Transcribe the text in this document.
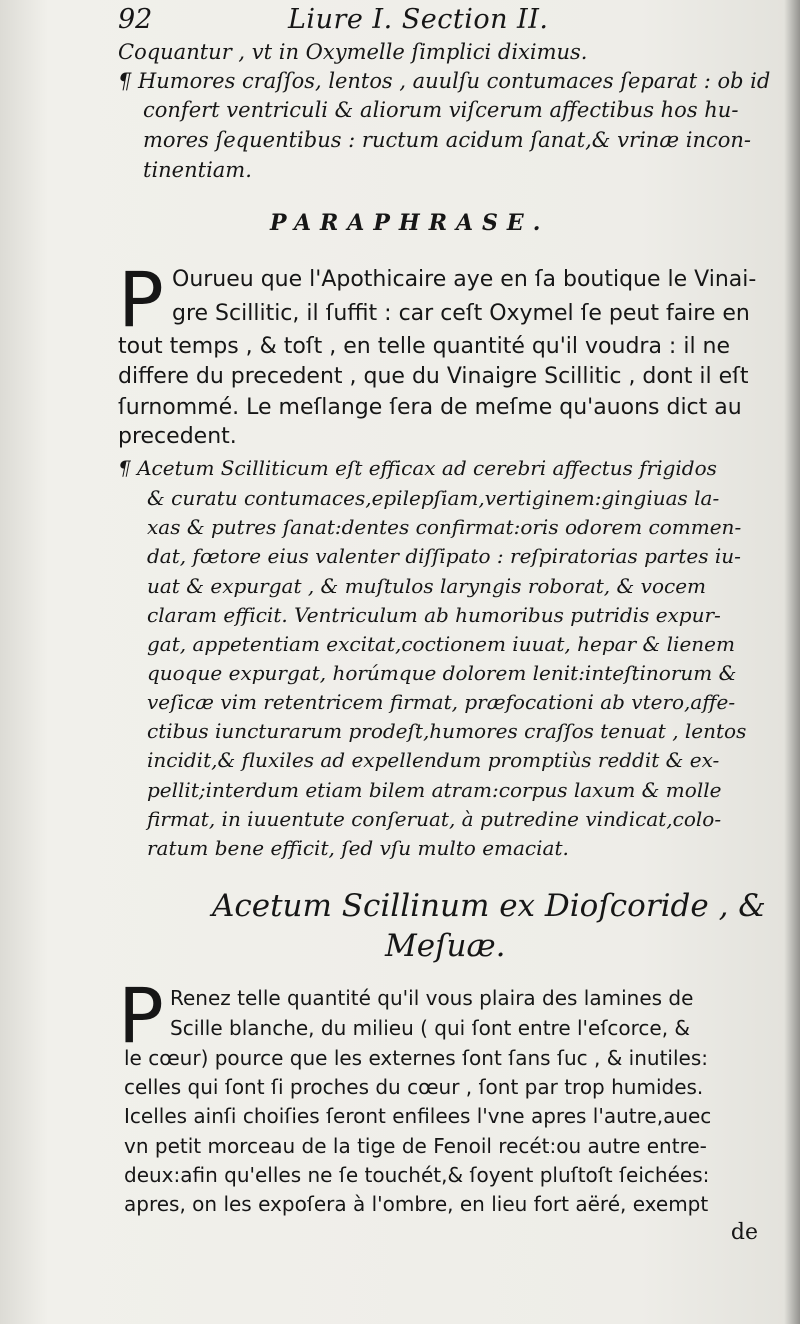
92	Liure I. Section II.
Coquantur , vt in Oxymelle ſimplici diximus.
¶ Humores craſſos, lentos , auulſu contumaces ſeparat : ob id
confert ventriculi & aliorum viſcerum affectibus hos hu-
mores ſequentibus : ructum acidum ſanat,& vrinæ incon-
tinentiam.
PARAPHRASE.
P Ourueu que l'Apothicaire aye en ſa boutique le Vinai-
gre Scillitic, il ſuffit : car ceſt Oxymel ſe peut faire en
tout temps , & toſt , en telle quantité qu'il voudra : il ne
differe du precedent , que du Vinaigre Scillitic , dont il eſt
ſurnommé. Le meſlange ſera de meſme qu'auons dict au
precedent.
¶ Acetum Scilliticum eſt efficax ad cerebri affectus frigidos
& curatu contumaces,epilepſiam,vertiginem:gingiuas la-
xas & putres ſanat:dentes confirmat:oris odorem commen-
dat, fœtore eius valenter diſſipato : reſpiratorias partes iu-
uat & expurgat , & muſtulos laryngis roborat, & vocem
claram efficit. Ventriculum ab humoribus putridis expur-
gat, appetentiam excitat,coctionem iuuat, hepar & lienem
quoque expurgat, horúmque dolorem lenit:inteſtinorum &
veſicæ vim retentricem firmat, præfocationi ab vtero,affe-
ctibus iuncturarum prodeſt,humores craſſos tenuat , lentos
incidit,& fluxiles ad expellendum promptiùs reddit & ex-
pellit;interdum etiam bilem atram:corpus laxum & molle
firmat, in iuuentute conſeruat, à putredine vindicat,colo-
ratum bene efficit, ſed vſu multo emaciat.
Acetum Scillinum ex Dioſcoride , &
Meſuæ.
P Renez telle quantité qu'il vous plaira des lamines de
Scille blanche, du milieu ( qui ſont entre l'eſcorce, &
le cœur) pource que les externes ſont ſans ſuc , & inutiles:
celles qui ſont ſi proches du cœur , ſont par trop humides.
Icelles ainſi choiſies ſeront enfilees l'vne apres l'autre,auec
vn petit morceau de la tige de Fenoil recét:ou autre entre-
deux:afin qu'elles ne ſe touchét,& ſoyent pluſtoſt ſeichées:
apres, on les expoſera à l'ombre, en lieu fort aëré, exempt
de
